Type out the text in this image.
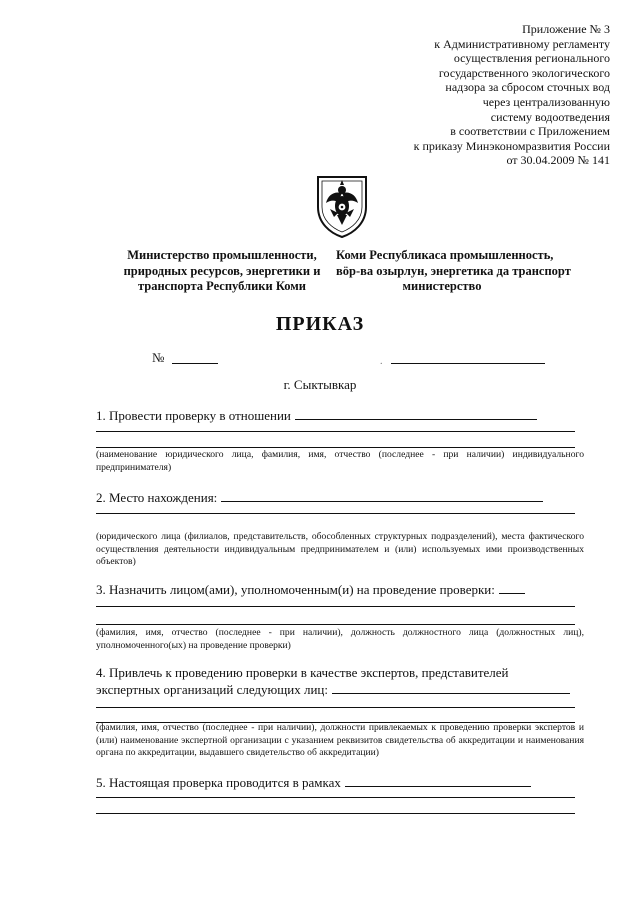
Приложение № 3
к Административному регламенту
осуществления регионального
государственного экологического
надзора за сбросом сточных вод
через централизованную
систему водоотведения
в соответствии с Приложением
к приказу Минэкономразвития России
от 30.04.2009 № 141
Министерство промышленности,
природных ресурсов, энергетики и
транспорта Республики Коми
Коми Республикаса промышленность,
вӧр-ва озырлун, энергетика да транспорт
министерство
ПРИКАЗ
№	.
г. Сыктывкар
1. Провести проверку в отношении
(наименование юридического лица, фамилия, имя, отчество (последнее - при наличии) индивидуального предпринимателя)
2. Место нахождения:
(юридического лица (филиалов, представительств, обособленных структурных подразделений), места фактического осуществления деятельности индивидуальным предпринимателем и (или) используемых ими производственных объектов)
3. Назначить лицом(ами), уполномоченным(и) на проведение проверки:
(фамилия, имя, отчество (последнее - при наличии), должность должностного лица (должностных лиц), уполномоченного(ых) на проведение проверки)
4. Привлечь к проведению проверки в качестве экспертов, представителей
экспертных организаций следующих лиц:
(фамилия, имя, отчество (последнее - при наличии), должности привлекаемых к проведению проверки экспертов и (или) наименование экспертной организации с указанием реквизитов свидетельства об аккредитации и наименования органа по аккредитации, выдавшего свидетельство об аккредитации)
5. Настоящая проверка проводится в рамках
